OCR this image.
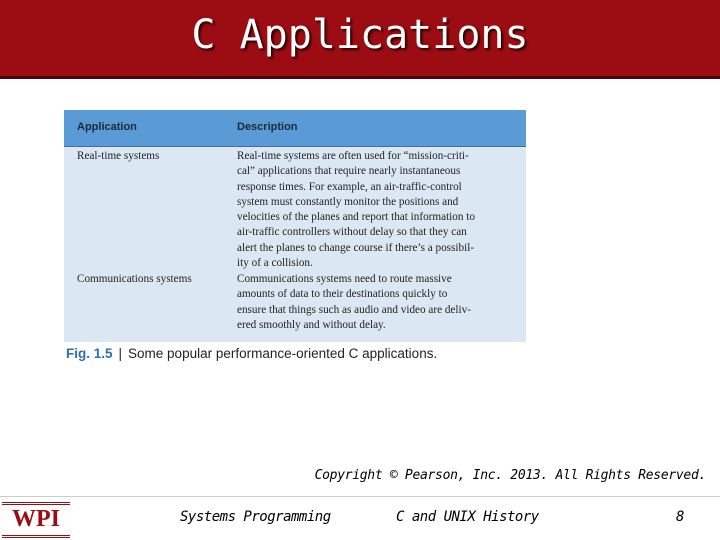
C Applications
Application	Description
Real-time systems	Real-time systems are often used for “mission-criti-
cal” applications that require nearly instantaneous
response times. For example, an air-traffic-control
system must constantly monitor the positions and
velocities of the planes and report that information to
air-traffic controllers without delay so that they can
alert the planes to change course if there’s a possibil-
ity of a collision.
Communications systems	Communications systems need to route massive
amounts of data to their destinations quickly to
ensure that things such as audio and video are deliv-
ered smoothly and without delay.
Fig. 1.5 | Some popular performance-oriented C applications.
Copyright © Pearson, Inc. 2013. All Rights Reserved.
WPI	Systems Programming	C and UNIX History	8
